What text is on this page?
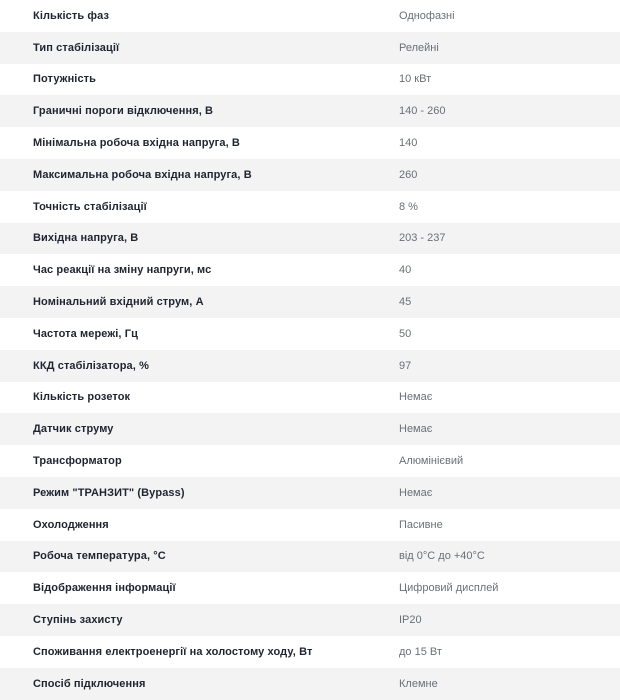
Кількість фаз	Однофазні
Тип стабілізації	Релейні
Потужність	10 кВт
Граничні пороги відключення, В	140 - 260
Мінімальна робоча вхідна напруга, В	140
Максимальна робоча вхідна напруга, В	260
Точність стабілізації	8 %
Вихідна напруга, В	203 - 237
Час реакції на зміну напруги, мс	40
Номінальний вхідний струм, А	45
Частота мережі, Гц	50
ККД стабілізатора, %	97
Кількість розеток	Немає
Датчик струму	Немає
Трансформатор	Алюмінієвий
Режим "ТРАНЗИТ" (Bypass)	Немає
Охолодження	Пасивне
Робоча температура, °С	від 0°С до +40°С
Відображення інформації	Цифровий дисплей
Ступінь захисту	IP20
Споживання електроенергії на холостому ходу, Вт	до 15 Вт
Спосіб підключення	Клемне
